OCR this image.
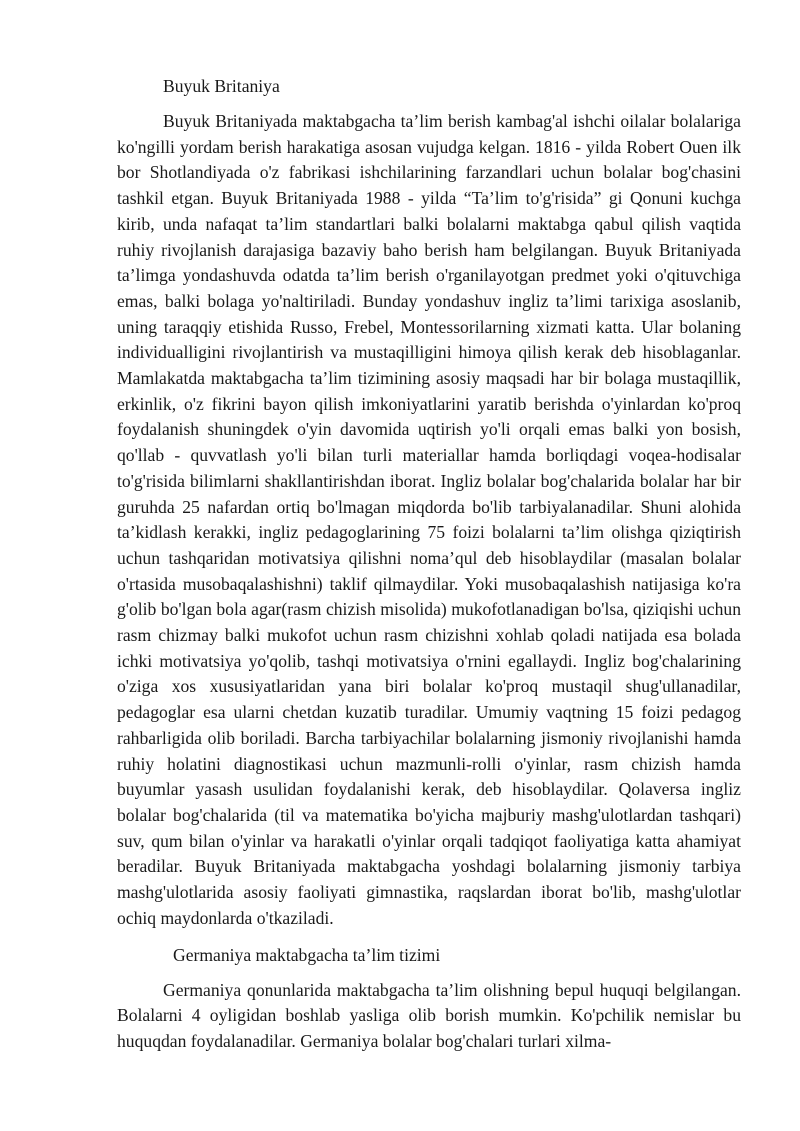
Buyuk Britaniya

Buyuk Britaniyada maktabgacha ta’lim berish kambag'al ishchi oilalar bolalariga ko'ngilli yordam berish harakatiga asosan vujudga kelgan. 1816 - yilda Robert Ouen ilk bor Shotlandiyada o'z fabrikasi ishchilarining farzandlari uchun bolalar bog'chasini tashkil etgan. Buyuk Britaniyada 1988 - yilda “Ta’lim to'g'risida” gi Qonuni kuchga kirib, unda nafaqat ta’lim standartlari balki bolalarni maktabga qabul qilish vaqtida ruhiy rivojlanish darajasiga bazaviy baho berish ham belgilangan. Buyuk Britaniyada ta’limga yondashuvda odatda ta’lim berish o'rganilayotgan predmet yoki o'qituvchiga emas, balki bolaga yo'naltiriladi. Bunday yondashuv ingliz ta’limi tarixiga asoslanib, uning taraqqiy etishida Russo, Frebel, Montessorilarning xizmati katta. Ular bolaning individualligini rivojlantirish va mustaqilligini himoya qilish kerak deb hisoblaganlar. Mamlakatda maktabgacha ta’lim tizimining asosiy maqsadi har bir bolaga mustaqillik, erkinlik, o'z fikrini bayon qilish imkoniyatlarini yaratib berishda o'yinlardan ko'proq foydalanish shuningdek o'yin davomida uqtirish yo'li orqali emas balki yon bosish, qo'llab - quvvatlash yo'li bilan turli materiallar hamda borliqdagi voqea-hodisalar to'g'risida bilimlarni shakllantirishdan iborat. Ingliz bolalar bog'chalarida bolalar har bir guruhda 25 nafardan ortiq bo'lmagan miqdorda bo'lib tarbiyalanadilar. Shuni alohida ta’kidlash kerakki, ingliz pedagoglarining 75 foizi bolalarni ta’lim olishga qiziqtirish uchun tashqaridan motivatsiya qilishni noma’qul deb hisoblaydilar (masalan bolalar o'rtasida musobaqalashishni) taklif qilmaydilar. Yoki musobaqalashish natijasiga ko'ra g'olib bo'lgan bola agar(rasm chizish misolida) mukofotlanadigan bo'lsa, qiziqishi uchun rasm chizmay balki mukofot uchun rasm chizishni xohlab qoladi natijada esa bolada ichki motivatsiya yo'qolib, tashqi motivatsiya o'rnini egallaydi. Ingliz bog'chalarining o'ziga xos xususiyatlaridan yana biri bolalar ko'proq mustaqil shug'ullanadilar, pedagoglar esa ularni chetdan kuzatib turadilar. Umumiy vaqtning 15 foizi pedagog rahbarligida olib boriladi. Barcha tarbiyachilar bolalarning jismoniy rivojlanishi hamda ruhiy holatini diagnostikasi uchun mazmunli-rolli o'yinlar, rasm chizish hamda buyumlar yasash usulidan foydalanishi kerak, deb hisoblaydilar. Qolaversa ingliz bolalar bog'chalarida (til va matematika bo'yicha majburiy mashg'ulotlardan tashqari) suv, qum bilan o'yinlar va harakatli o'yinlar orqali tadqiqot faoliyatiga katta ahamiyat beradilar. Buyuk Britaniyada maktabgacha yoshdagi bolalarning jismoniy tarbiya mashg'ulotlarida asosiy faoliyati gimnastika, raqslardan iborat bo'lib, mashg'ulotlar ochiq maydonlarda o'tkaziladi.

Germaniya maktabgacha ta’lim tizimi

Germaniya qonunlarida maktabgacha ta’lim olishning bepul huquqi belgilangan. Bolalarni 4 oyligidan boshlab yasliga olib borish mumkin. Ko'pchilik nemislar bu huquqdan foydalanadilar. Germaniya bolalar bog'chalari turlari xilma-
